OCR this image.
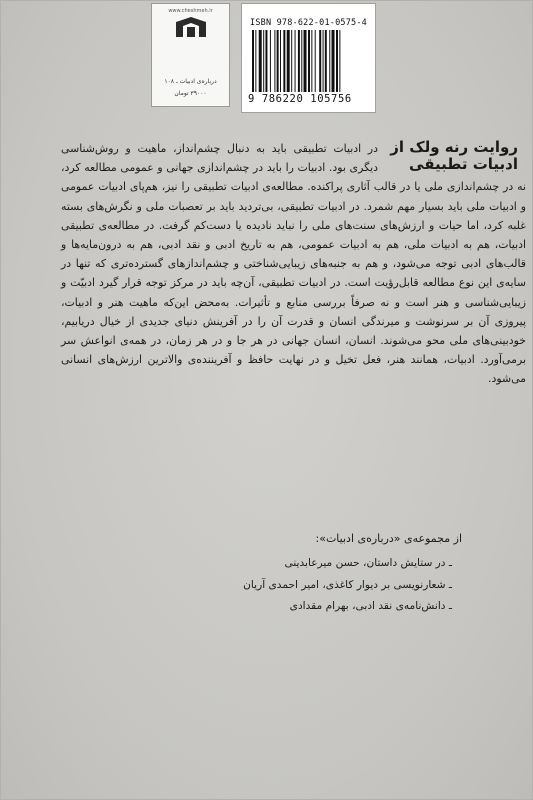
www.cheshmeh.ir
درباره‌ی ادبیات ـ ۱۰۸
۳۹۰۰۰ تومان
ISBN 978-622-01-0575-4
9 786220 105756
روایت رنه ولک از ادبیات تطبیقی
در ادبیات تطبیقی باید به دنبال چشم‌انداز، ماهیت و روش‌شناسی دیگری بود. ادبیات را باید در چشم‌اندازی جهانی و عمومی مطالعه کرد، نه در چشم‌اندازی ملی یا در قالب آثاری پراکنده. مطالعه‌ی ادبیات تطبیقی را نیز، هم‌پای ادبیات عمومی و ادبیات ملی باید بسیار مهم شمرد. در ادبیات تطبیقی، بی‌تردید باید بر تعصبات ملی و نگرش‌های بسته غلبه کرد، اما حیات و ارزش‌های سنت‌های ملی را نباید نادیده یا دست‌کم گرفت. در مطالعه‌ی تطبیقی ادبیات، هم به ادبیات ملی، هم به ادبیات عمومی، هم به تاریخ ادبی و نقد ادبی، هم به درون‌مایه‌ها و قالب‌های ادبی توجه می‌شود، و هم به جنبه‌های زیبایی‌شناختی و چشم‌اندازهای گسترده‌تری که تنها در سایه‌ی این نوع مطالعه قابل‌رؤیت است. در ادبیات تطبیقی، آن‌چه باید در مرکز توجه قرار گیرد ادبیّت و زیبایی‌شناسی و هنر است و نه صرفاً بررسی منابع و تأثیرات. به‌محض این‌که ماهیت هنر و ادبیات، پیروزی آن بر سرنوشت و میرندگی انسان و قدرت آن را در آفرینش دنیای جدیدی از خیال دریابیم، خودبینی‌های ملی محو می‌شوند. انسان، انسان جهانی در هر جا و در هر زمان، در همه‌ی انواعش سر برمی‌آورد. ادبیات، همانند هنر، فعل تخیل و در نهایت حافظ و آفریننده‌ی والاترین ارزش‌های انسانی می‌شود.
از مجموعه‌ی «درباره‌ی ادبیات»:
ـ در ستایش داستان، حسن میرعابدینی
ـ شعارنویسی بر دیوار کاغذی، امیر احمدی آریان
ـ دانش‌نامه‌ی نقد ادبی، بهرام مقدادی
